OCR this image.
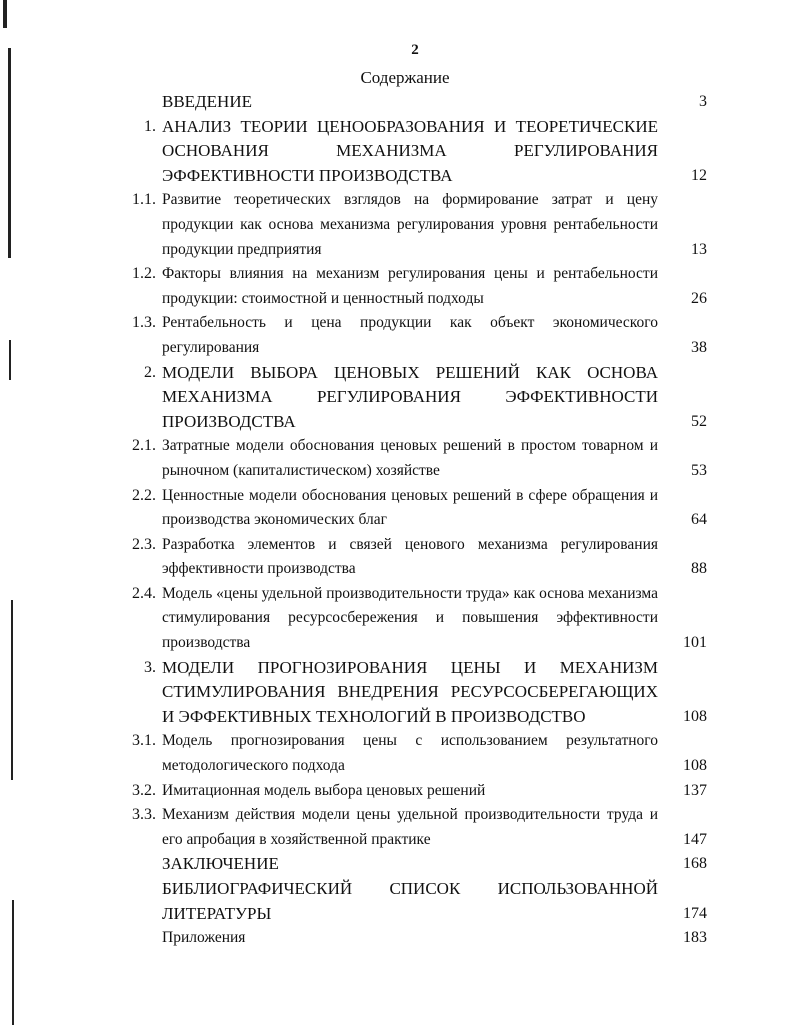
2
Содержание
ВВЕДЕНИЕ	3
1. АНАЛИЗ ТЕОРИИ ЦЕНООБРАЗОВАНИЯ И ТЕОРЕТИЧЕСКИЕ ОСНОВАНИЯ МЕХАНИЗМА РЕГУЛИРОВАНИЯ ЭФФЕКТИВНОСТИ ПРОИЗВОДСТВА	12
1.1. Развитие теоретических взглядов на формирование затрат и цену продукции как основа механизма регулирования уровня рентабельности продукции предприятия	13
1.2. Факторы влияния на механизм регулирования цены и рентабельности продукции: стоимостной и ценностный подходы	26
1.3. Рентабельность и цена продукции как объект экономического регулирования	38
2. МОДЕЛИ ВЫБОРА ЦЕНОВЫХ РЕШЕНИЙ КАК ОСНОВА МЕХАНИЗМА РЕГУЛИРОВАНИЯ ЭФФЕКТИВНОСТИ ПРОИЗВОДСТВА	52
2.1. Затратные модели обоснования ценовых решений в простом товарном и рыночном (капиталистическом) хозяйстве	53
2.2. Ценностные модели обоснования ценовых решений в сфере обращения и производства экономических благ	64
2.3. Разработка элементов и связей ценового механизма регулирования эффективности производства	88
2.4. Модель «цены удельной производительности труда» как основа механизма стимулирования ресурсосбережения и повышения эффективности производства	101
3. МОДЕЛИ ПРОГНОЗИРОВАНИЯ ЦЕНЫ И МЕХАНИЗМ СТИМУЛИРОВАНИЯ ВНЕДРЕНИЯ РЕСУРСОСБЕРЕГАЮЩИХ И ЭФФЕКТИВНЫХ ТЕХНОЛОГИЙ В ПРОИЗВОДСТВО	108
3.1. Модель прогнозирования цены с использованием результатного методологического подхода	108
3.2. Имитационная модель выбора ценовых решений	137
3.3. Механизм действия модели цены удельной производительности труда и его апробация в хозяйственной практике	147
ЗАКЛЮЧЕНИЕ	168
БИБЛИОГРАФИЧЕСКИЙ СПИСОК ИСПОЛЬЗОВАННОЙ ЛИТЕРАТУРЫ	174
Приложения	183
